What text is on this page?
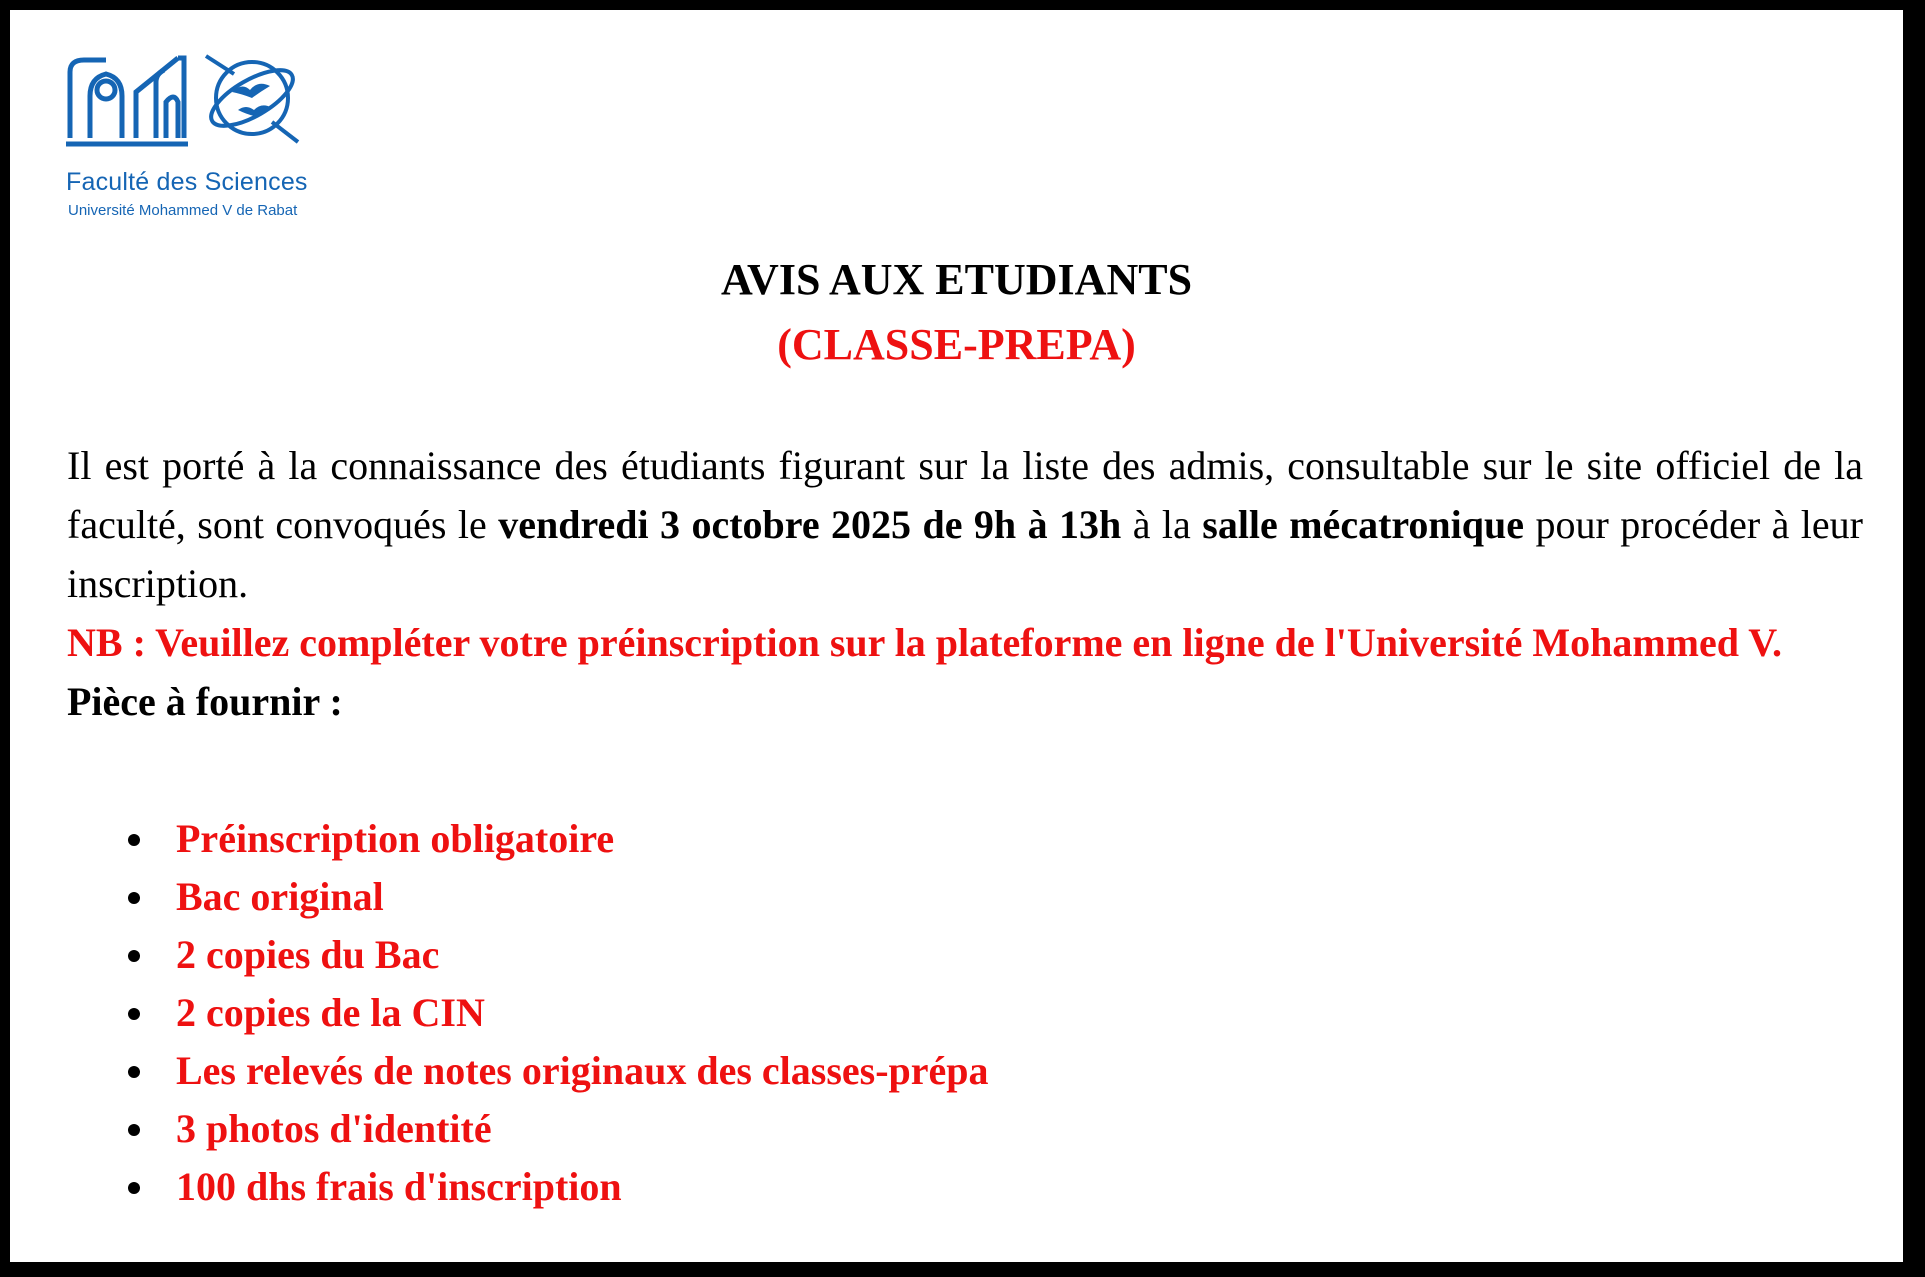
Faculté des Sciences
Université Mohammed V de Rabat
AVIS AUX ETUDIANTS
(CLASSE-PREPA)

Il est porté à la connaissance des étudiants figurant sur la liste des admis, consultable sur le site officiel de la faculté, sont convoqués le vendredi 3 octobre 2025 de 9h à 13h à la salle mécatronique pour procéder à leur inscription.

NB : Veuillez compléter votre préinscription sur la plateforme en ligne de l'Université Mohammed V.

Pièce à fournir :

Préinscription obligatoire
Bac original
2 copies du Bac
2 copies de la CIN
Les relevés de notes originaux des classes-prépa
3 photos d'identité
100 dhs frais d'inscription
